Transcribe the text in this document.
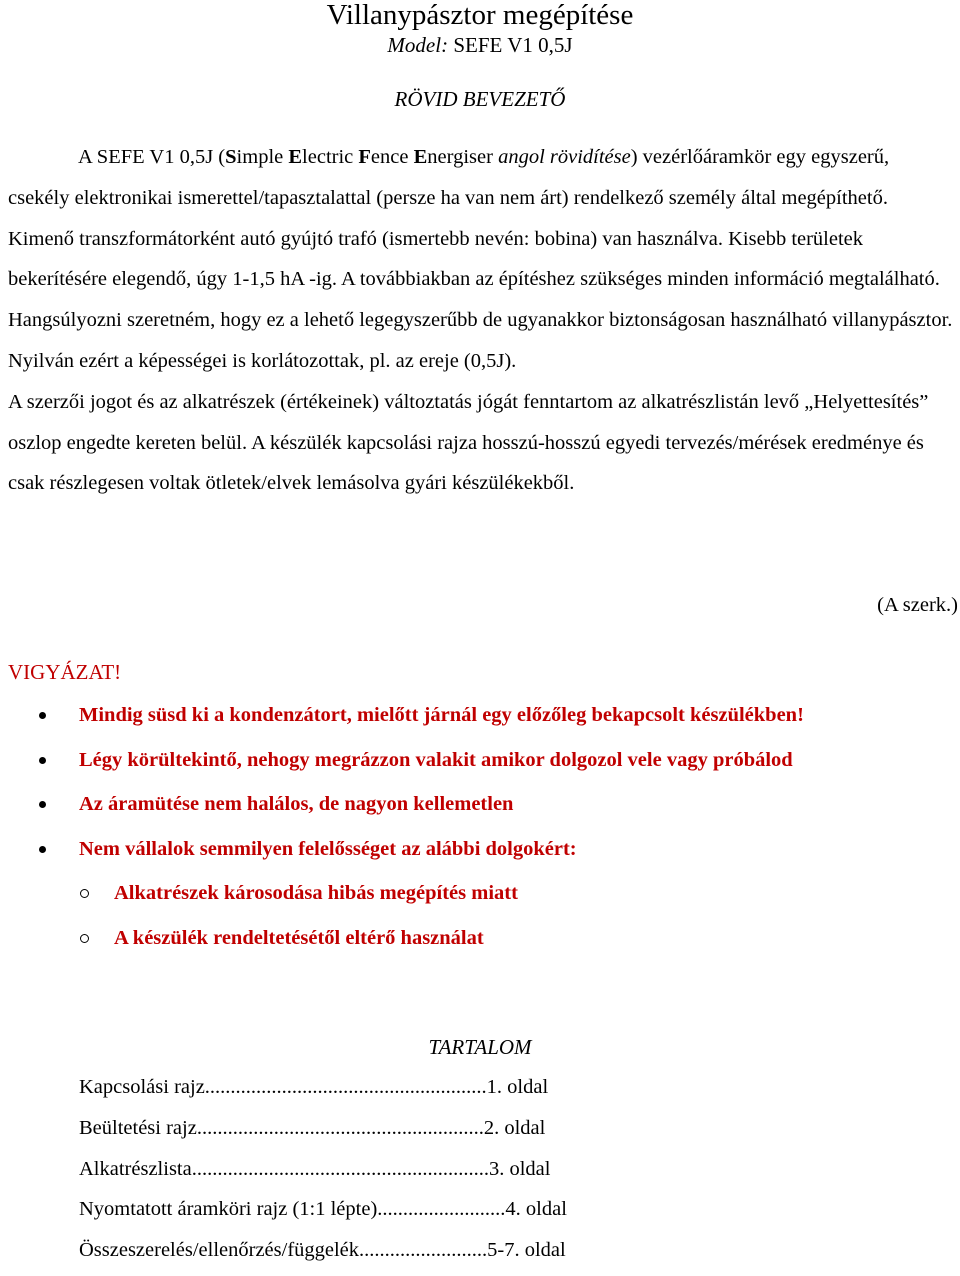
Villanypásztor megépítése
Model: SEFE V1 0,5J
RÖVID BEVEZETŐ

A SEFE V1 0,5J (Simple Electric Fence Energiser angol rövidítése) vezérlőáramkör egy egyszerű, csekély elektronikai ismerettel/tapasztalattal (persze ha van nem árt) rendelkező személy által megépíthető. Kimenő transzformátorként autó gyújtó trafó (ismertebb nevén: bobina) van használva. Kisebb területek bekerítésére elegendő, úgy 1-1,5 hA -ig. A továbbiakban az építéshez szükséges minden információ megtalálható. Hangsúlyozni szeretném, hogy ez a lehető legegyszerűbb de ugyanakkor biztonságosan használható villanypásztor. Nyilván ezért a képességei is korlátozottak, pl. az ereje (0,5J).

A szerzői jogot és az alkatrészek (értékeinek) változtatás jógát fenntartom az alkatrészlistán levő „Helyettesítés” oszlop engedte kereten belül. A készülék kapcsolási rajza hosszú-hosszú egyedi tervezés/mérések eredménye és csak részlegesen voltak ötletek/elvek lemásolva gyári készülékekből.

(A szerk.)
VIGYÁZAT!
Mindig süsd ki a kondenzátort, mielőtt járnál egy előzőleg bekapcsolt készülékben!
Légy körültekintő, nehogy megrázzon valakit amikor dolgozol vele vagy próbálod
Az áramütése nem halálos, de nagyon kellemetlen
Nem vállalok semmilyen felelősséget az alábbi dolgokért:
Alkatrészek károsodása hibás megépítés miatt
A készülék rendeltetésétől eltérő használat
TARTALOM
Kapcsolási rajz.......................................................1. oldal
Beültetési rajz........................................................2. oldal
Alkatrészlista..........................................................3. oldal
Nyomtatott áramköri rajz (1:1 lépte).........................4. oldal
Összeszerelés/ellenőrzés/függelék.........................5-7. oldal
